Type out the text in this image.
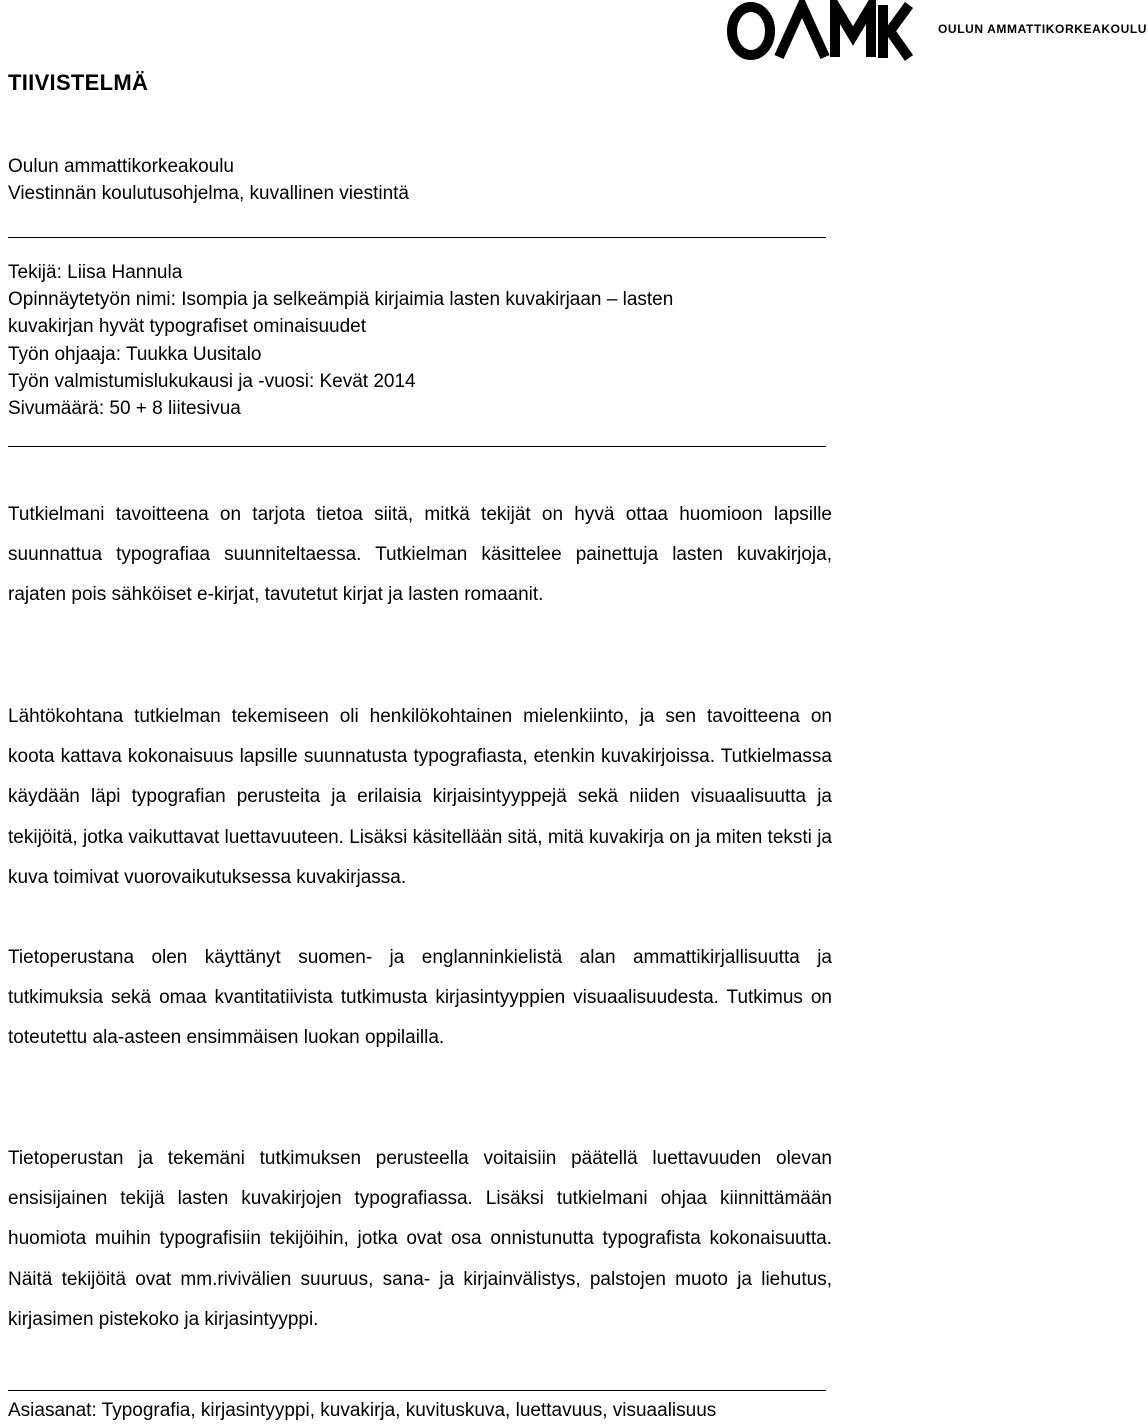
OULUN AMMATTIKORKEAKOULU
TIIVISTELMÄ
Oulun ammattikorkeakoulu
Viestinnän koulutusohjelma, kuvallinen viestintä
Tekijä: Liisa Hannula
Opinnäytetyön nimi: Isompia ja selkeämpiä kirjaimia lasten kuvakirjaan – lasten
kuvakirjan hyvät typografiset ominaisuudet
Työn ohjaaja: Tuukka Uusitalo
Työn valmistumislukukausi ja -vuosi: Kevät 2014
Sivumäärä: 50 + 8 liitesivua
Tutkielmani tavoitteena on tarjota tietoa siitä, mitkä tekijät on hyvä ottaa huomioon lapsille suunnattua typografiaa suunniteltaessa. Tutkielman käsittelee painettuja lasten kuvakirjoja, rajaten pois sähköiset e-kirjat, tavutetut kirjat ja lasten romaanit.
Lähtökohtana tutkielman tekemiseen oli henkilökohtainen mielenkiinto, ja sen tavoitteena on koota kattava kokonaisuus lapsille suunnatusta typografiasta, etenkin kuvakirjoissa. Tutkielmassa käydään läpi typografian perusteita ja erilaisia kirjaisintyyppejä sekä niiden visuaalisuutta ja tekijöitä, jotka vaikuttavat luettavuuteen. Lisäksi käsitellään sitä, mitä kuvakirja on ja miten teksti ja kuva toimivat vuorovaikutuksessa kuvakirjassa.
Tietoperustana olen käyttänyt suomen- ja englanninkielistä alan ammattikirjallisuutta ja tutkimuksia sekä omaa kvantitatiivista tutkimusta kirjasintyyppien visuaalisuudesta. Tutkimus on toteutettu ala-asteen ensimmäisen luokan oppilailla.
Tietoperustan ja tekemäni tutkimuksen perusteella voitaisiin päätellä luettavuuden olevan ensisijainen tekijä lasten kuvakirjojen typografiassa. Lisäksi tutkielmani ohjaa kiinnittämään huomiota muihin typografisiin tekijöihin, jotka ovat osa onnistunutta typografista kokonaisuutta. Näitä tekijöitä ovat mm.rivivälien suuruus, sana- ja kirjainvälistys, palstojen muoto ja liehutus, kirjasimen pistekoko ja kirjasintyyppi.
Asiasanat: Typografia, kirjasintyyppi, kuvakirja, kuvituskuva, luettavuus, visuaalisuus
